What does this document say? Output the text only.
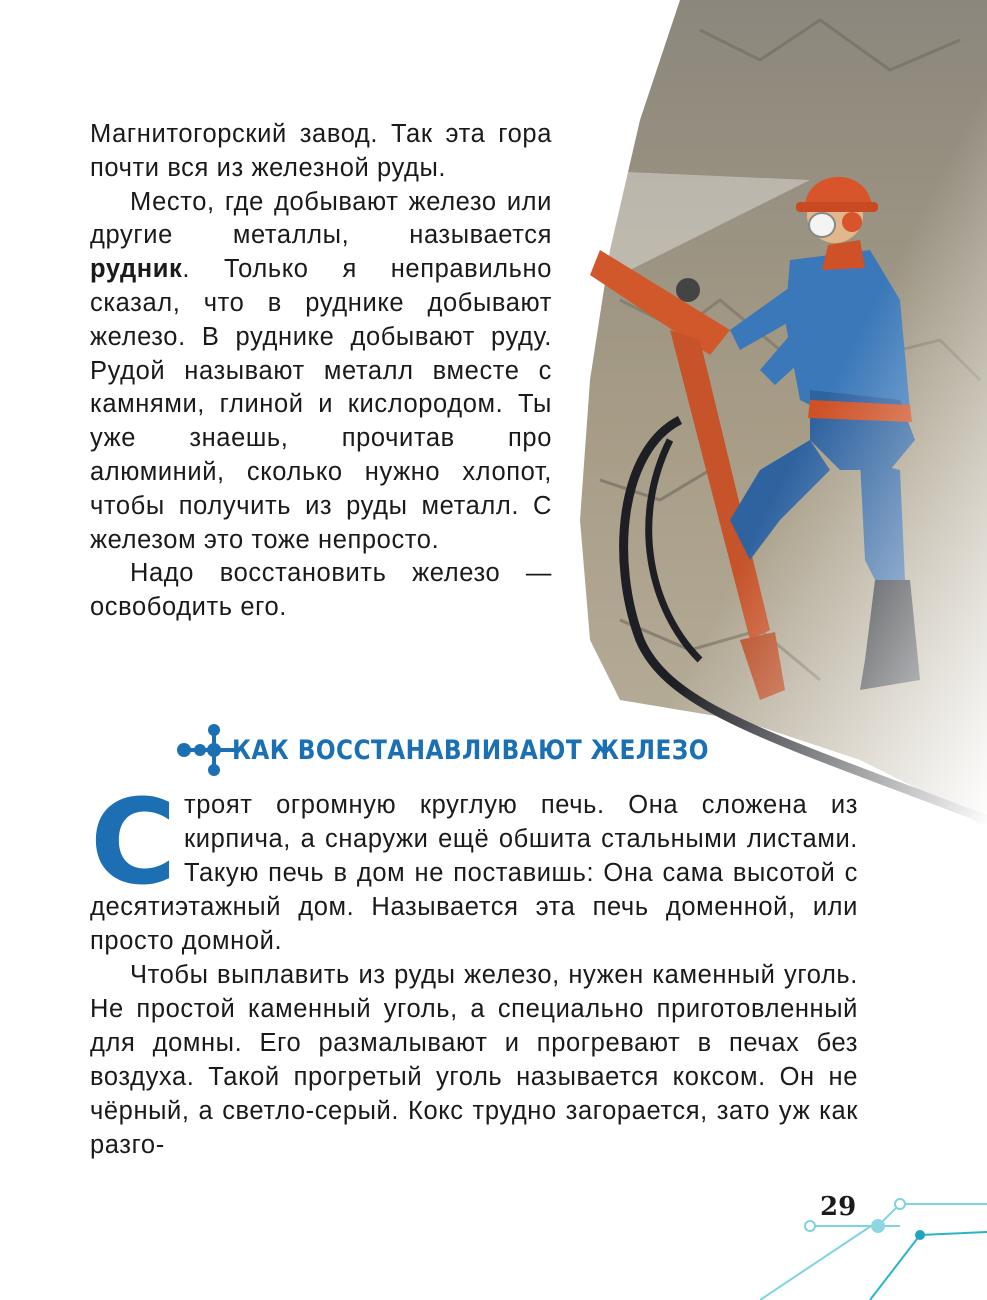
Магнитогорский завод. Так эта гора почти вся из железной руды.

Место, где добывают железо или другие металлы, называется рудник. Только я неправильно сказал, что в руднике добывают железо. В руднике добывают руду. Рудой называют металл вместе с камнями, глиной и кислородом. Ты уже знаешь, прочитав про алюминий, сколько нужно хлопот, чтобы получить из руды металл. С железом это тоже непросто.

Надо восстановить железо — освободить его.

КАК ВОССТАНАВЛИВАЮТ ЖЕЛЕЗО

Строят огромную круглую печь. Она сложена из кирпича, а снаружи ещё обшита стальными листами. Такую печь в дом не поставишь: Она сама высотой с десятиэтажный дом. Называется эта печь доменной, или просто домной.

Чтобы выплавить из руды железо, нужен каменный уголь. Не простой каменный уголь, а специально приготовленный для домны. Его размалывают и прогревают в печах без воздуха. Такой прогретый уголь называется коксом. Он не чёрный, а светло-серый. Кокс трудно загорается, зато уж как разго-

29
